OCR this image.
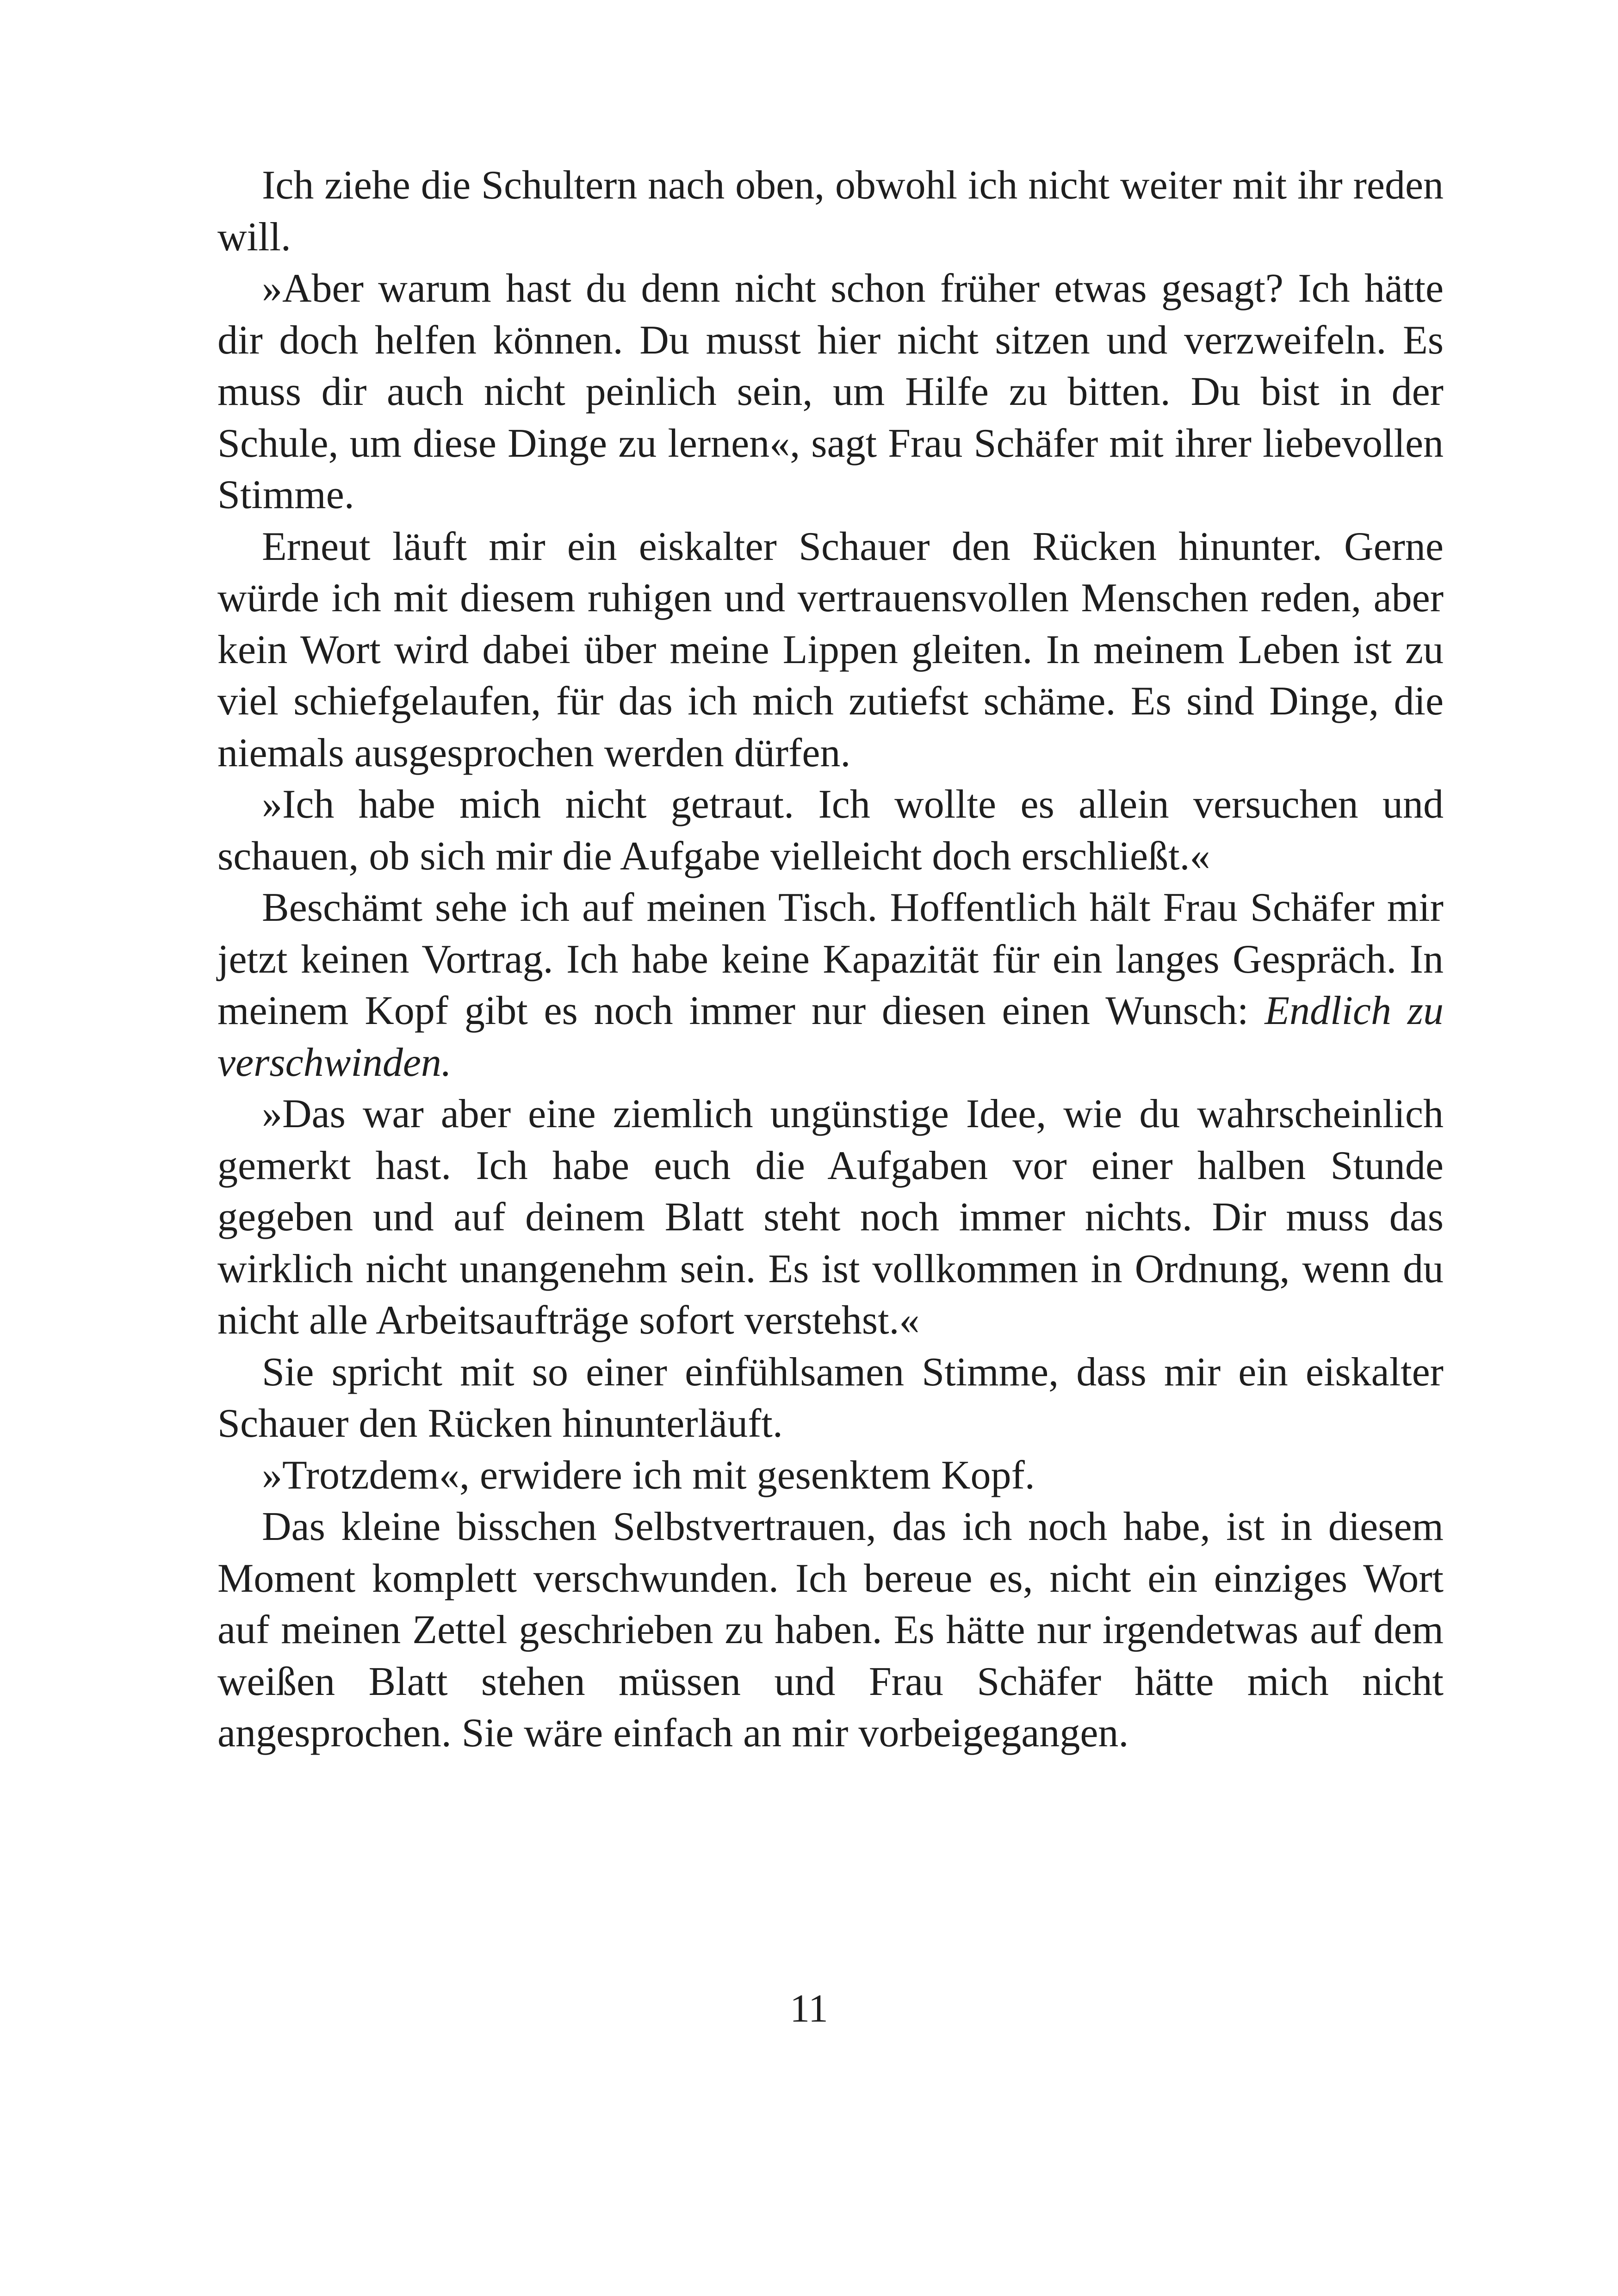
Ich ziehe die Schultern nach oben, obwohl ich nicht weiter mit ihr reden will.

»Aber warum hast du denn nicht schon früher etwas gesagt? Ich hätte dir doch helfen können. Du musst hier nicht sitzen und verzweifeln. Es muss dir auch nicht peinlich sein, um Hilfe zu bitten. Du bist in der Schule, um diese Dinge zu lernen«, sagt Frau Schäfer mit ihrer liebevollen Stimme.

Erneut läuft mir ein eiskalter Schauer den Rücken hinunter. Gerne würde ich mit diesem ruhigen und vertrauensvollen Menschen reden, aber kein Wort wird dabei über meine Lippen gleiten. In meinem Leben ist zu viel schiefgelaufen, für das ich mich zutiefst schäme. Es sind Dinge, die niemals ausgesprochen werden dürfen.

»Ich habe mich nicht getraut. Ich wollte es allein versuchen und schauen, ob sich mir die Aufgabe vielleicht doch erschließt.«

Beschämt sehe ich auf meinen Tisch. Hoffentlich hält Frau Schäfer mir jetzt keinen Vortrag. Ich habe keine Kapazität für ein langes Gespräch. In meinem Kopf gibt es noch immer nur diesen einen Wunsch: Endlich zu verschwinden.

»Das war aber eine ziemlich ungünstige Idee, wie du wahrscheinlich gemerkt hast. Ich habe euch die Aufgaben vor einer halben Stunde gegeben und auf deinem Blatt steht noch immer nichts. Dir muss das wirklich nicht unangenehm sein. Es ist vollkommen in Ordnung, wenn du nicht alle Arbeitsaufträge sofort verstehst.«

Sie spricht mit so einer einfühlsamen Stimme, dass mir ein eiskalter Schauer den Rücken hinunterläuft.

»Trotzdem«, erwidere ich mit gesenktem Kopf.

Das kleine bisschen Selbstvertrauen, das ich noch habe, ist in diesem Moment komplett verschwunden. Ich bereue es, nicht ein einziges Wort auf meinen Zettel geschrieben zu haben. Es hätte nur irgendetwas auf dem weißen Blatt stehen müssen und Frau Schäfer hätte mich nicht angesprochen. Sie wäre einfach an mir vorbeigegangen.

11
